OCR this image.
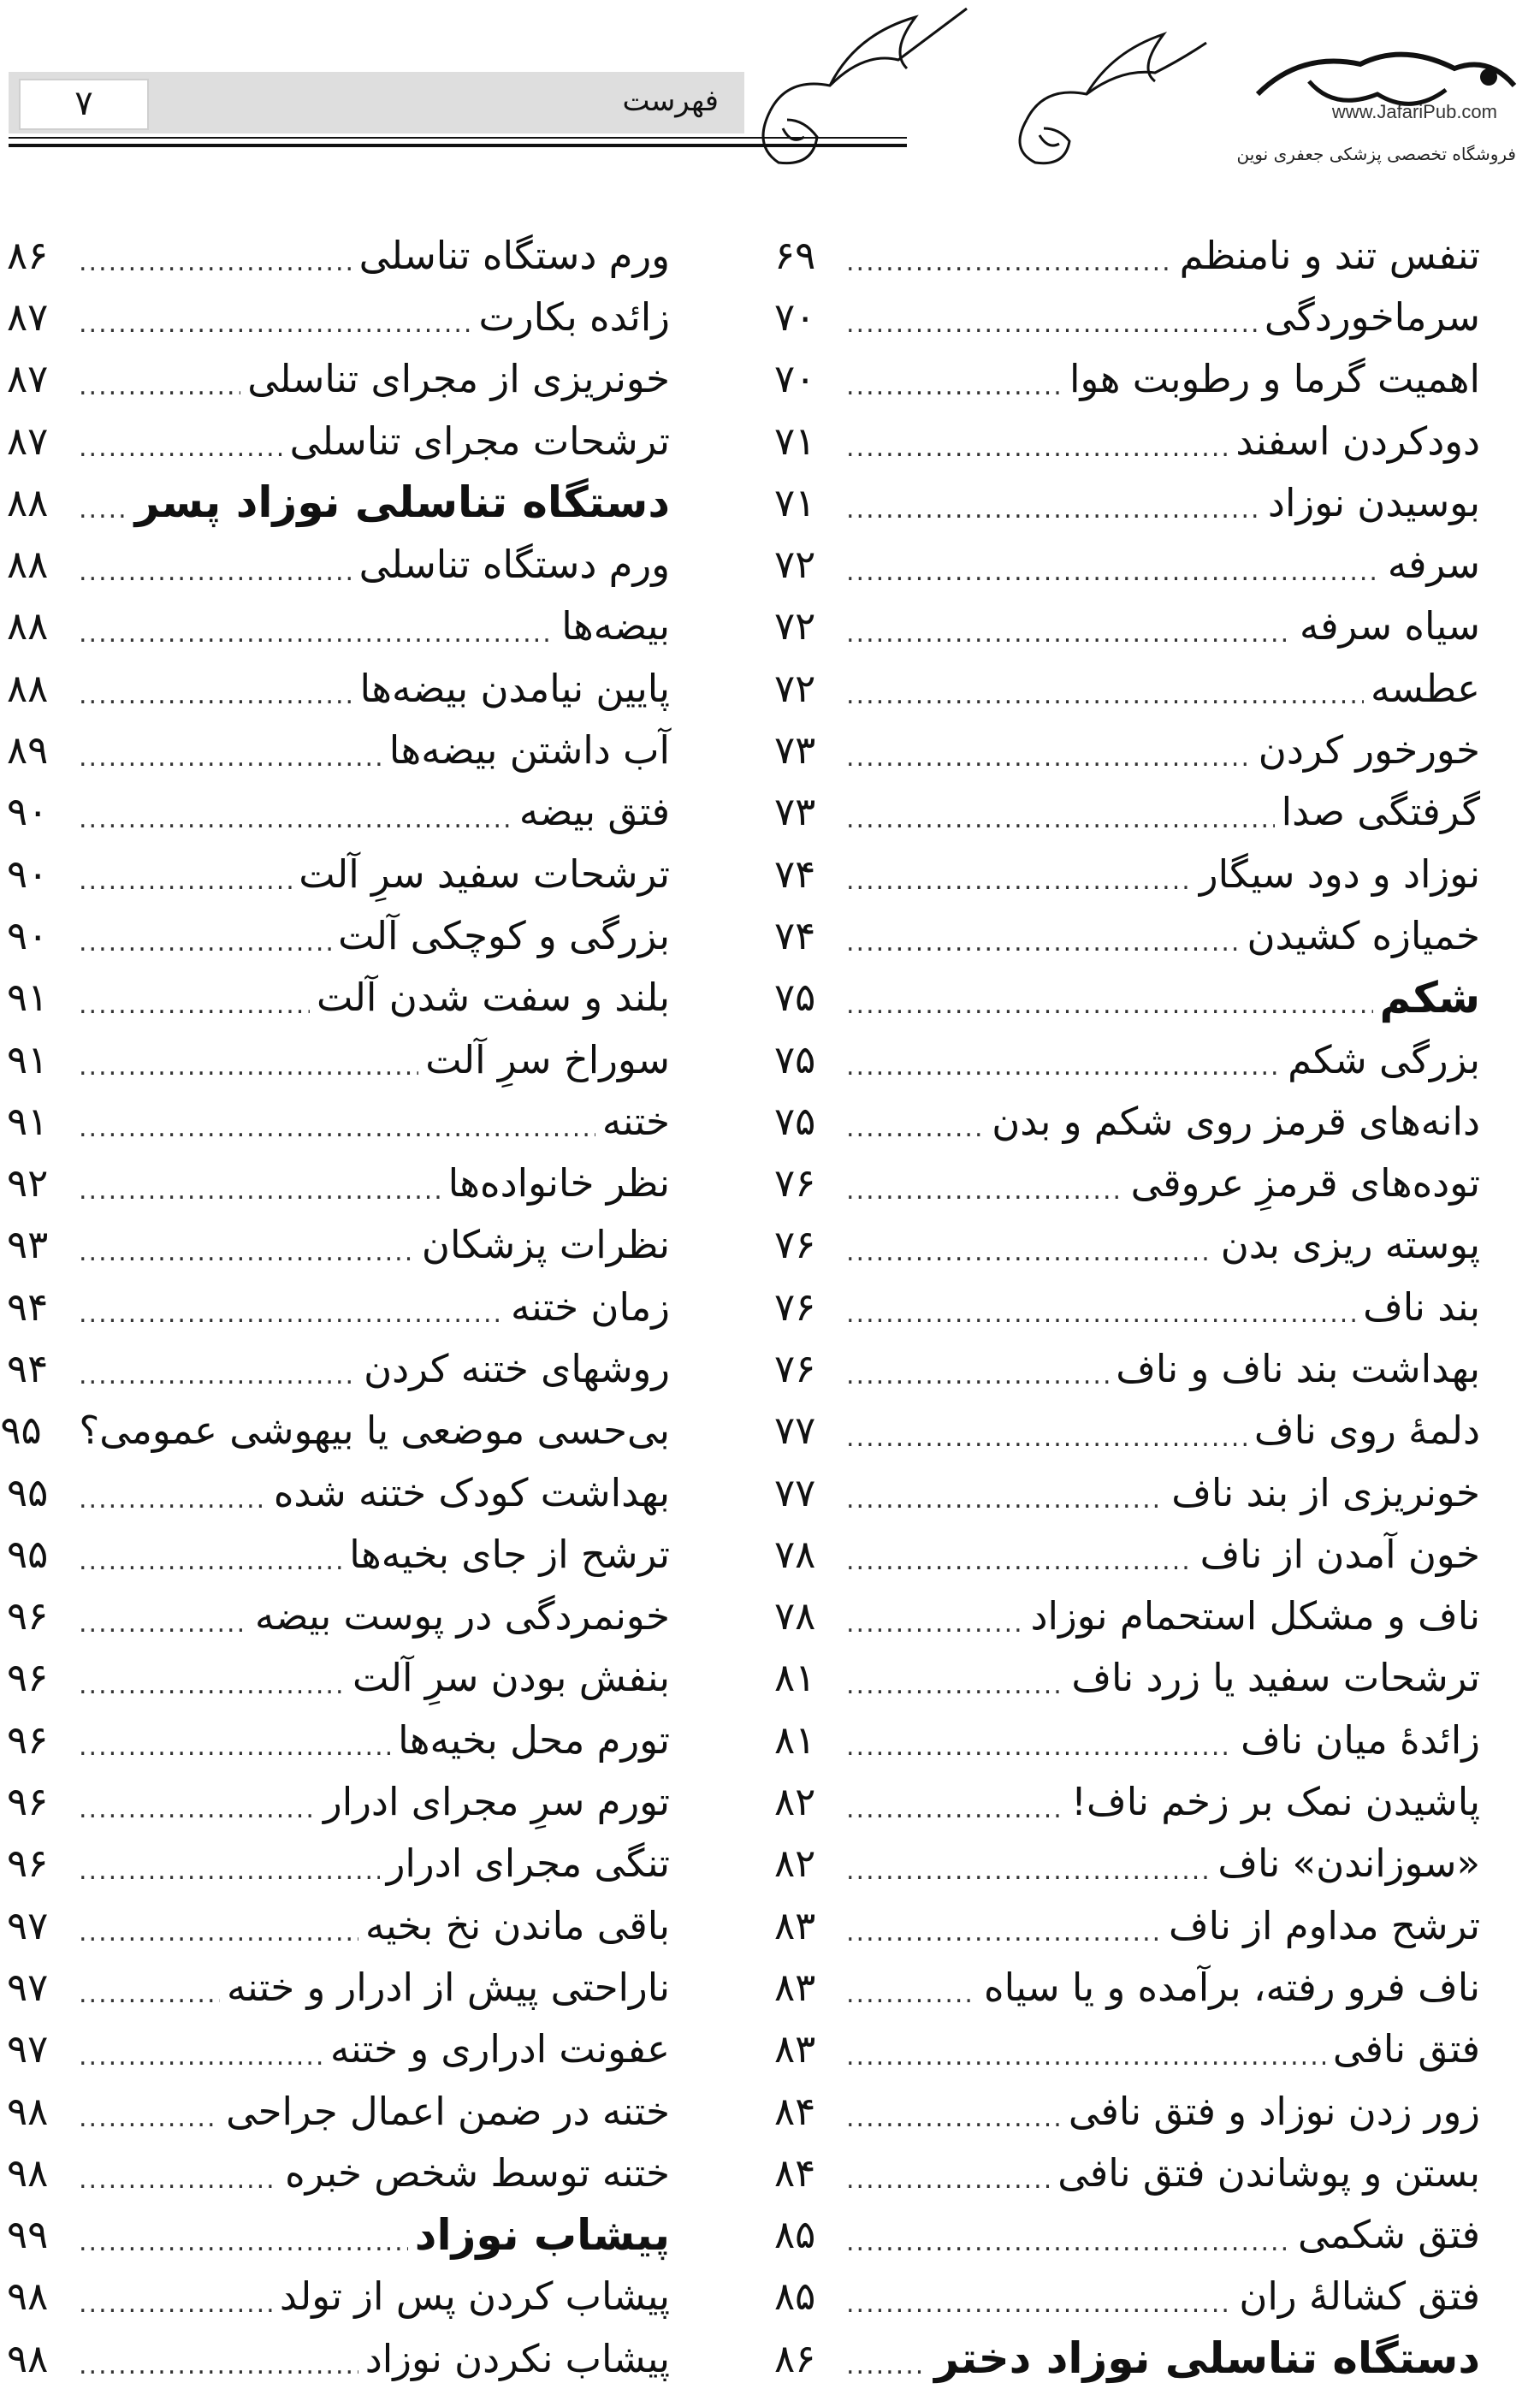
۷	فهرست	www.JafariPub.com
فروشگاه تخصصی پزشکی جعفری نوین
تنفس تند و نامنظم
.....
۶۹
سرماخوردگی
.....
۷۰
اهمیت گرما و رطوبت هوا
.....
۷۰
دودکردن اسفند
.....
۷۱
بوسیدن نوزاد
.....
۷۱
سرفه
.....
۷۲
سیاه سرفه
.....
۷۲
عطسه
.....
۷۲
خورخور کردن
.....
۷۳
گرفتگی صدا
.....
۷۳
نوزاد و دود سیگار
.....
۷۴
خمیازه کشیدن
.....
۷۴
شکم
.....
۷۵
بزرگی شکم
.....
۷۵
دانه‌های قرمز روی شکم و بدن
.....
۷۵
توده‌های قرمزِ عروقی
.....
۷۶
پوسته ریزی بدن
.....
۷۶
بند ناف
.....
۷۶
بهداشت بند ناف و ناف
.....
۷۶
دلمهٔ روی ناف
.....
۷۷
خونریزی از بند ناف
.....
۷۷
خون آمدن از ناف
.....
۷۸
ناف و مشکل استحمام نوزاد
.....
۷۸
ترشحات سفید یا زرد ناف
.....
۸۱
زائدهٔ میان ناف
.....
۸۱
پاشیدن نمک بر زخم ناف!
.....
۸۲
«سوزاندن» ناف
.....
۸۲
ترشح مداوم از ناف
.....
۸۳
ناف فرو رفته، برآمده و یا سیاه
.....
۸۳
فتق نافی
.....
۸۳
زور زدن نوزاد و فتق نافی
.....
۸۴
بستن و پوشاندن فتق نافی
.....
۸۴
فتق شکمی
.....
۸۵
فتق کشالهٔ ران
.....
۸۵
دستگاه تناسلی نوزاد دختر
.....
۸۶
ورم دستگاه تناسلی
.....
۸۶
زائده بکارت
.....
۸۷
خونریزی از مجرای تناسلی
.....
۸۷
ترشحات مجرای تناسلی
.....
۸۷
دستگاه تناسلی نوزاد پسر
.....
۸۸
ورم دستگاه تناسلی
.....
۸۸
بیضه‌ها
.....
۸۸
پایین نیامدن بیضه‌ها
.....
۸۸
آب داشتن بیضه‌ها
.....
۸۹
فتق بیضه
.....
۹۰
ترشحات سفید سرِ آلت
.....
۹۰
بزرگی و کوچکی آلت
.....
۹۰
بلند و سفت شدن آلت
.....
۹۱
سوراخ سرِ آلت
.....
۹۱
ختنه
.....
۹۱
نظر خانواده‌ها
.....
۹۲
نظرات پزشکان
.....
۹۳
زمان ختنه
.....
۹۴
روشهای ختنه کردن
.....
۹۴
بی‌حسی موضعی یا بیهوشی عمومی؟
۹۵
بهداشت کودک ختنه شده
.....
۹۵
ترشح از جای بخیه‌ها
.....
۹۵
خونمردگی در پوست بیضه
.....
۹۶
بنفش بودن سرِ آلت
.....
۹۶
تورم محل بخیه‌ها
.....
۹۶
تورم سرِ مجرای ادرار
.....
۹۶
تنگی مجرای ادرار
.....
۹۶
باقی ماندن نخ بخیه
.....
۹۷
ناراحتی پیش از ادرار و ختنه
.....
۹۷
عفونت ادراری و ختنه
.....
۹۷
ختنه در ضمن اعمال جراحی
.....
۹۸
ختنه توسط شخص خبره
.....
۹۸
پیشاب نوزاد
.....
۹۹
پیشاب کردن پس از تولد
.....
۹۸
پیشاب نکردن نوزاد
.....
۹۸
